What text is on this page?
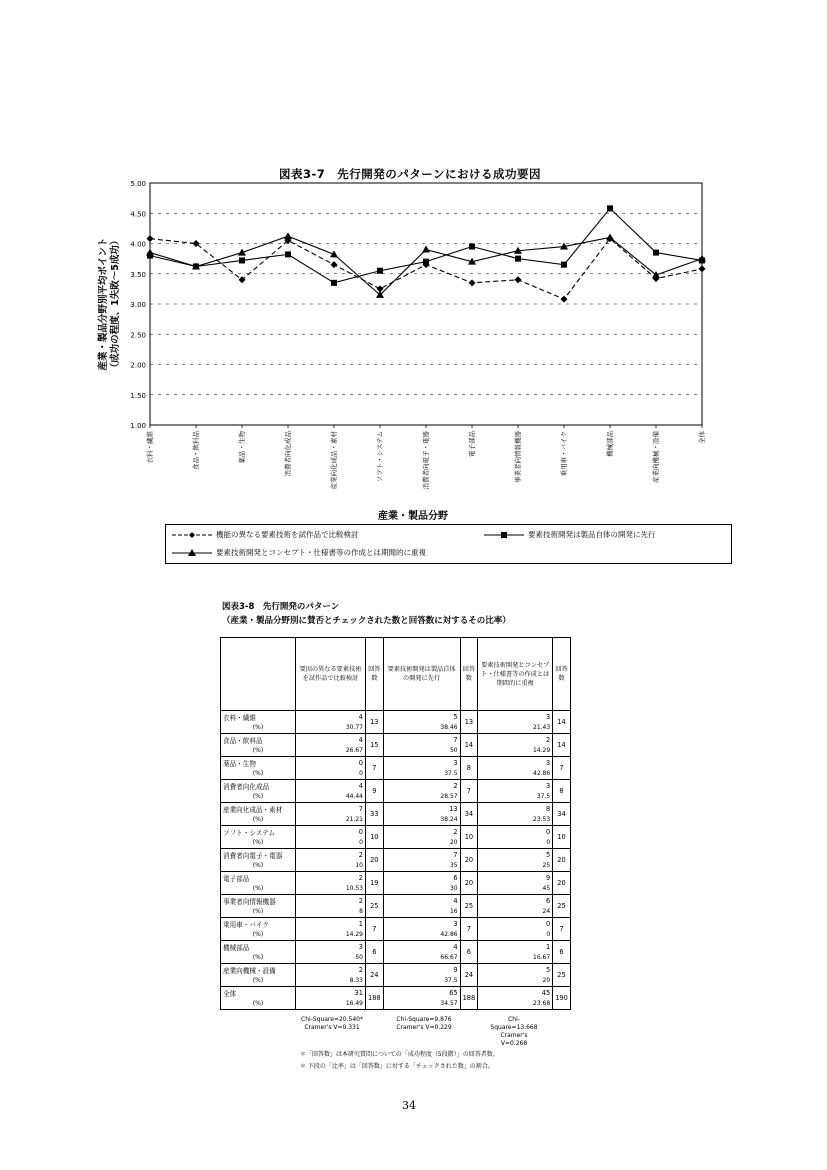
図表3-7　先行開発のパターンにおける成功要因
5.00
4.50
4.00
3.50
3.00
2.50
2.00
1.50
1.00
産業・製品分野別平均ポイント （成功の程度、1失敗～5成功）
衣料・繊維	食品・飲料品	薬品・生物	消費者向化成品	産業向化成品・素材	ソフト・システム	消費者向電子・電器	電子部品	事業者向情報機器	乗用車・バイク	機械部品	産業向機械・設備	全体
産業・製品分野
機能の異なる要素技術を試作品で比較検討	要素技術開発は製品自体の開発に先行
要素技術開発とコンセプト・仕様書等の作成とは期間的に重複
図表3-8　先行開発のパターン
（産業・製品分野別に賛否とチェックされた数と回答数に対するその比率）
	要因の異なる要素技術を試作品で比較検討	回答数	要素技術開発は製品自体の開発に先行	回答数	要素技術開発とコンセプト・仕様書等の作成とは期間的に重複	回答数
衣料・繊維	4	13	5	13	3	14
(%)	30.77		38.46		21.43	
食品・飲料品	4	15	7	14	2	14
(%)	26.67		50		14.29	
薬品・生物	0	7	3	8	3	7
(%)	0		37.5		42.86	
消費者向化成品	4	9	2	7	3	8
(%)	44.44		28.57		37.5	
産業向化成品・素材	7	33	13	34	8	34
(%)	21.21		38.24		23.53	
ソフト・システム	0	10	2	10	0	10
(%)	0		20		0	
消費者向電子・電器	2	20	7	20	5	20
(%)	10		35		25	
電子部品	2	19	6	20	9	20
(%)	10.53		30		45	
事業者向情報機器	2	25	4	25	6	25
(%)	8		16		24	
乗用車・バイク	1	7	3	7	0	7
(%)	14.29		42.86		0	
機械部品	3	6	4	6	1	6
(%)	50		66.67		16.67	
産業向機械・設備	2	24	9	24	5	25
(%)	8.33		37.5		20	
全体	31	188	65	188	45	190
(%)	16.49		34.57		23.68	
Chi-Square=20.540*
Cramer's V=0.331
Chi-Square=9.876
Cramer's V=0.229
Chi-
Square=13.668
Cramer's
V=0.268
＊「回答数」は本研究質問についての「成功程度（5段階）」の回答者数。
＊ 下段の「比率」は「回答数」に対する「チェックされた数」の割合。
34
